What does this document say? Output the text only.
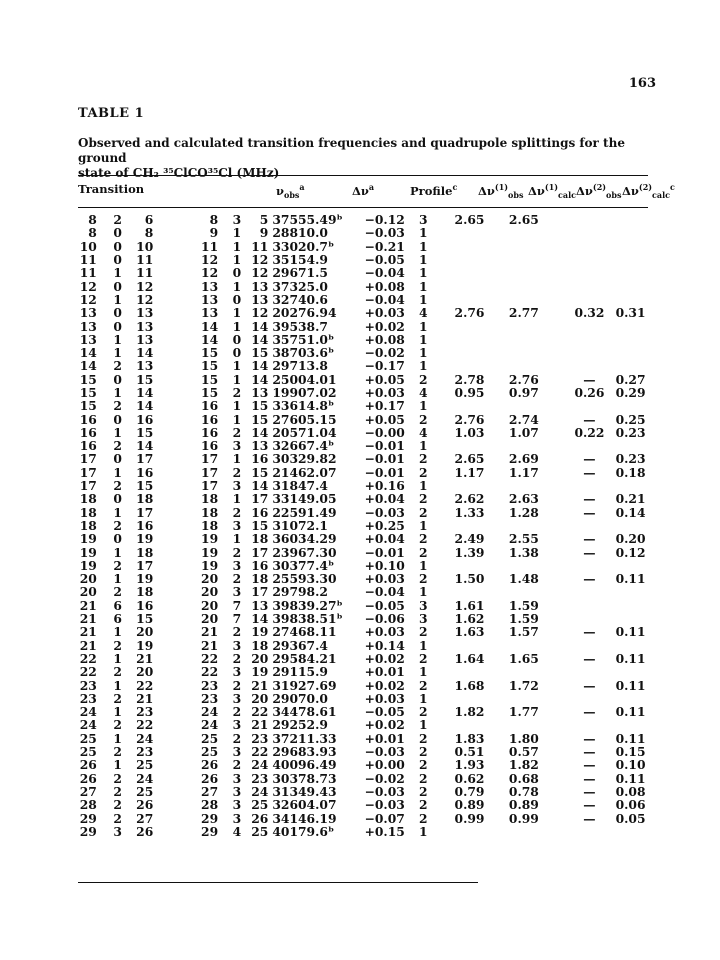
163
TABLE 1
Observed and calculated transition frequencies and quadrupole splittings for the ground
state of CH₂ ³⁵ClCO³⁵Cl (MHz)
Transition	$\nu_{obs}^a$	$\Delta\nu^a$	Profile$^c$ $\Delta\nu^{(1)}_{obs}$ $\Delta\nu^{(1)}_{calc}$ $\Delta\nu^{(2)}_{obs}$ $\Delta\nu^{(2)}_{calc}^c$
8	2	6	8	3	5	37555.49ᵇ	−0.12	3	2.65	2.65		
8	0	8	9	1	9	28810.0	−0.03	1				
10	0	10	11	1	11	33020.7ᵇ	−0.21	1				
11	0	11	12	1	12	35154.9	−0.05	1				
11	1	11	12	0	12	29671.5	−0.04	1				
12	0	12	13	1	13	37325.0	+0.08	1				
12	1	12	13	0	13	32740.6	−0.04	1				
13	0	13	13	1	12	20276.94	+0.03	4	2.76	2.77	0.32	0.31
13	0	13	14	1	14	39538.7	+0.02	1				
13	1	13	14	0	14	35751.0ᵇ	+0.08	1				
14	1	14	15	0	15	38703.6ᵇ	−0.02	1				
14	2	13	15	1	14	29713.8	−0.17	1				
15	0	15	15	1	14	25004.01	+0.05	2	2.78	2.76	—	0.27
15	1	14	15	2	13	19907.02	+0.03	4	0.95	0.97	0.26	0.29
15	2	14	16	1	15	33614.8ᵇ	+0.17	1				
16	0	16	16	1	15	27605.15	+0.05	2	2.76	2.74	—	0.25
16	1	15	16	2	14	20571.04	−0.00	4	1.03	1.07	0.22	0.23
16	2	14	16	3	13	32667.4ᵇ	−0.01	1				
17	0	17	17	1	16	30329.82	−0.01	2	2.65	2.69	—	0.23
17	1	16	17	2	15	21462.07	−0.01	2	1.17	1.17	—	0.18
17	2	15	17	3	14	31847.4	+0.16	1				
18	0	18	18	1	17	33149.05	+0.04	2	2.62	2.63	—	0.21
18	1	17	18	2	16	22591.49	−0.03	2	1.33	1.28	—	0.14
18	2	16	18	3	15	31072.1	+0.25	1				
19	0	19	19	1	18	36034.29	+0.04	2	2.49	2.55	—	0.20
19	1	18	19	2	17	23967.30	−0.01	2	1.39	1.38	—	0.12
19	2	17	19	3	16	30377.4ᵇ	+0.10	1				
20	1	19	20	2	18	25593.30	+0.03	2	1.50	1.48	—	0.11
20	2	18	20	3	17	29798.2	−0.04	1				
21	6	16	20	7	13	39839.27ᵇ	−0.05	3	1.61	1.59		
21	6	15	20	7	14	39838.51ᵇ	−0.06	3	1.62	1.59		
21	1	20	21	2	19	27468.11	+0.03	2	1.63	1.57	—	0.11
21	2	19	21	3	18	29367.4	+0.14	1				
22	1	21	22	2	20	29584.21	+0.02	2	1.64	1.65	—	0.11
22	2	20	22	3	19	29115.9	+0.01	1				
23	1	22	23	2	21	31927.69	+0.02	2	1.68	1.72	—	0.11
23	2	21	23	3	20	29070.0	+0.03	1				
24	1	23	24	2	22	34478.61	−0.05	2	1.82	1.77	—	0.11
24	2	22	24	3	21	29252.9	+0.02	1				
25	1	24	25	2	23	37211.33	+0.01	2	1.83	1.80	—	0.11
25	2	23	25	3	22	29683.93	−0.03	2	0.51	0.57	—	0.15
26	1	25	26	2	24	40096.49	+0.00	2	1.93	1.82	—	0.10
26	2	24	26	3	23	30378.73	−0.02	2	0.62	0.68	—	0.11
27	2	25	27	3	24	31349.43	−0.03	2	0.79	0.78	—	0.08
28	2	26	28	3	25	32604.07	−0.03	2	0.89	0.89	—	0.06
29	2	27	29	3	26	34146.19	−0.07	2	0.99	0.99	—	0.05
29	3	26	29	4	25	40179.6ᵇ	+0.15	1				
